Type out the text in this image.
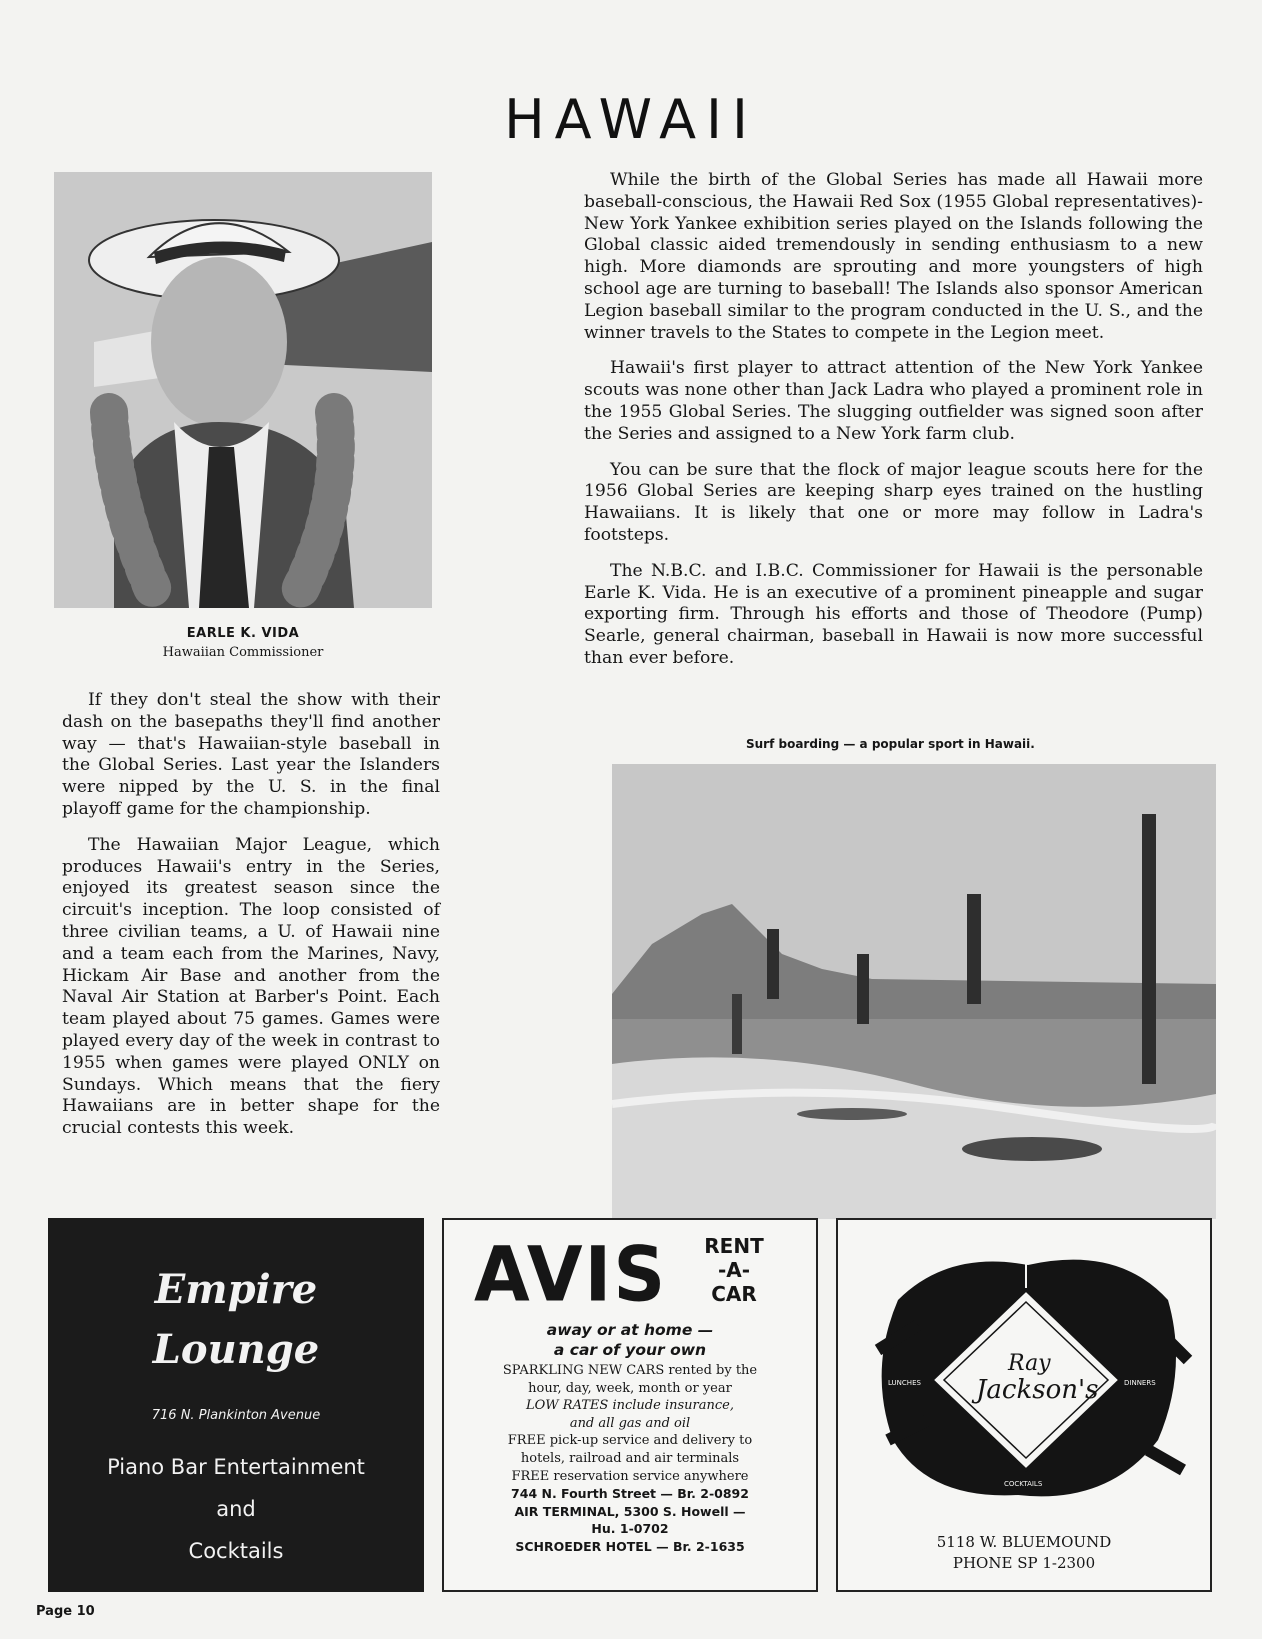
HAWAII
EARLE K. VIDA
Hawaiian Commissioner

While the birth of the Global Series has made all Hawaii more baseball-conscious, the Hawaii Red Sox (1955 Global representatives)-New York Yankee exhibition series played on the Islands following the Global classic aided tremendously in sending enthusiasm to a new high. More diamonds are sprouting and more youngsters of high school age are turning to baseball! The Islands also sponsor American Legion baseball similar to the program conducted in the U. S., and the winner travels to the States to compete in the Legion meet.

Hawaii's first player to attract attention of the New York Yankee scouts was none other than Jack Ladra who played a prominent role in the 1955 Global Series. The slugging outfielder was signed soon after the Series and assigned to a New York farm club.

You can be sure that the flock of major league scouts here for the 1956 Global Series are keeping sharp eyes trained on the hustling Hawaiians. It is likely that one or more may follow in Ladra's footsteps.

The N.B.C. and I.B.C. Commissioner for Hawaii is the personable Earle K. Vida. He is an executive of a prominent pineapple and sugar exporting firm. Through his efforts and those of Theodore (Pump) Searle, general chairman, baseball in Hawaii is now more successful than ever before.

If they don't steal the show with their dash on the basepaths they'll find another way — that's Hawaiian-style baseball in the Global Series. Last year the Islanders were nipped by the U. S. in the final playoff game for the championship.

The Hawaiian Major League, which produces Hawaii's entry in the Series, enjoyed its greatest season since the circuit's inception. The loop consisted of three civilian teams, a U. of Hawaii nine and a team each from the Marines, Navy, Hickam Air Base and another from the Naval Air Station at Barber's Point. Each team played about 75 games. Games were played every day of the week in contrast to 1955 when games were played ONLY on Sundays. Which means that the fiery Hawaiians are in better shape for the crucial contests this week.

Surf boarding — a popular sport in Hawaii.
Empire
Lounge
716 N. Plankinton Avenue
Piano Bar Entertainment
and
Cocktails
AVIS	RENT
-A-
CAR
away or at home —
a car of your own
SPARKLING NEW CARS rented by the
hour, day, week, month or year
LOW RATES include insurance,
and all gas and oil
FREE pick-up service and delivery to
hotels, railroad and air terminals
FREE reservation service anywhere
744 N. Fourth Street — Br. 2-0892
AIR TERMINAL, 5300 S. Howell —
Hu. 1-0702
SCHROEDER HOTEL — Br. 2-1635
Ray
Jackson's
LUNCHES	DINNERS
COCKTAILS
5118 W. BLUEMOUND
PHONE SP 1-2300
Page 10
